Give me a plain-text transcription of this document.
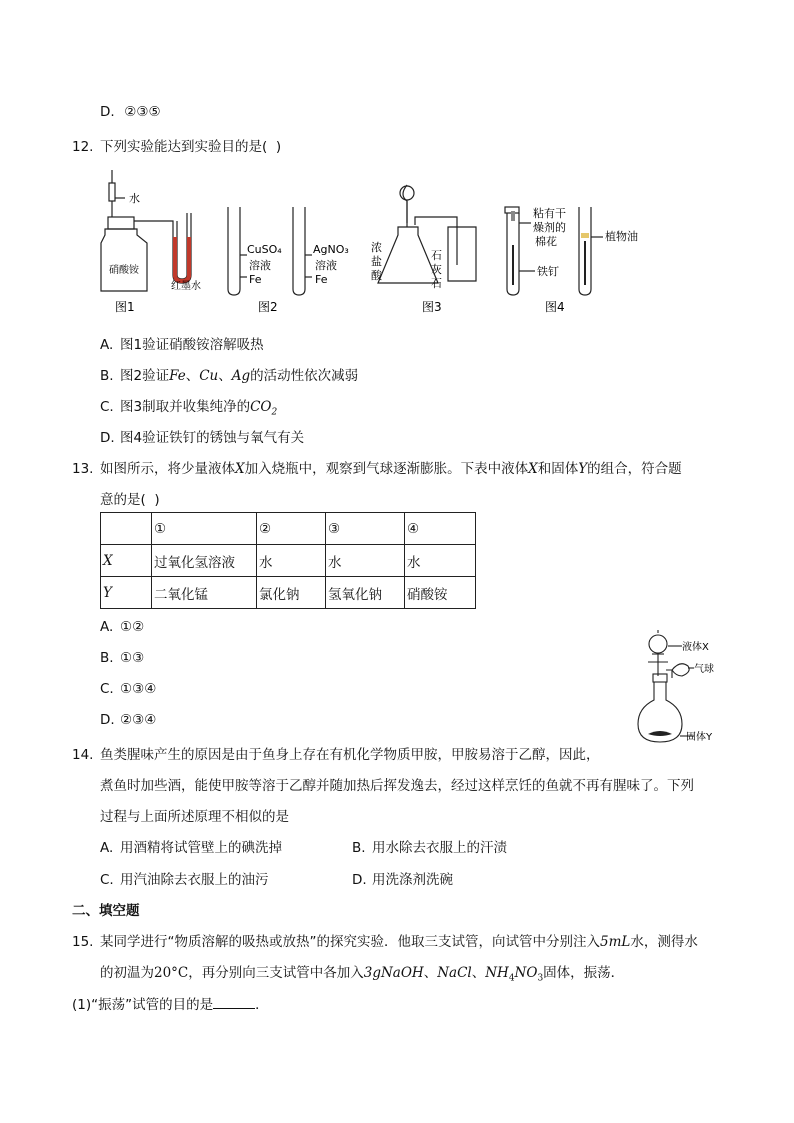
D. ②③⑤
12. 下列实验能达到实验目的是(  )
水
硝酸铵
红墨水
图1
CuSO₄
溶液
Fe
AgNO₃
溶液
Fe
图2
浓
盐
酸
石
灰
石
图3
粘有干
燥剂的
棉花
铁钉
植物油
图4
A. 图1验证硝酸铵溶解吸热
B. 图2验证Fe、Cu、Ag的活动性依次减弱
C. 图3制取并收集纯净的$CO_2$
D. 图4验证铁钉的锈蚀与氧气有关
13. 如图所示，将少量液体X加入烧瓶中，观察到气球逐渐膨胀。下表中液体X和固体Y的组合，符合题
意的是(  )
	①	②	③	④
X	过氧化氢溶液	水	水	水
Y	二氧化锰	氯化钠	氢氧化钠	硝酸铵
A. ①②
B. ①③
C. ①③④
D. ②③④
液体X
气球
固体Y
14. 鱼类腥味产生的原因是由于鱼身上存在有机化学物质甲胺，甲胺易溶于乙醇，因此，
煮鱼时加些酒，能使甲胺等溶于乙醇并随加热后挥发逸去，经过这样烹饪的鱼就不再有腥味了。下列
过程与上面所述原理不相似的是
A. 用酒精将试管壁上的碘洗掉	B. 用水除去衣服上的汗渍
C. 用汽油除去衣服上的油污	D. 用洗涤剂洗碗
二、填空题
15. 某同学进行“物质溶解的吸热或放热”的探究实验．他取三支试管，向试管中分别注入5mL水，测得水
的初温为20°C，再分别向三支试管中各加入3gNaOH、NaCl、$NH_4NO_3$固体，振荡．
(1)“振荡”试管的目的是	．
